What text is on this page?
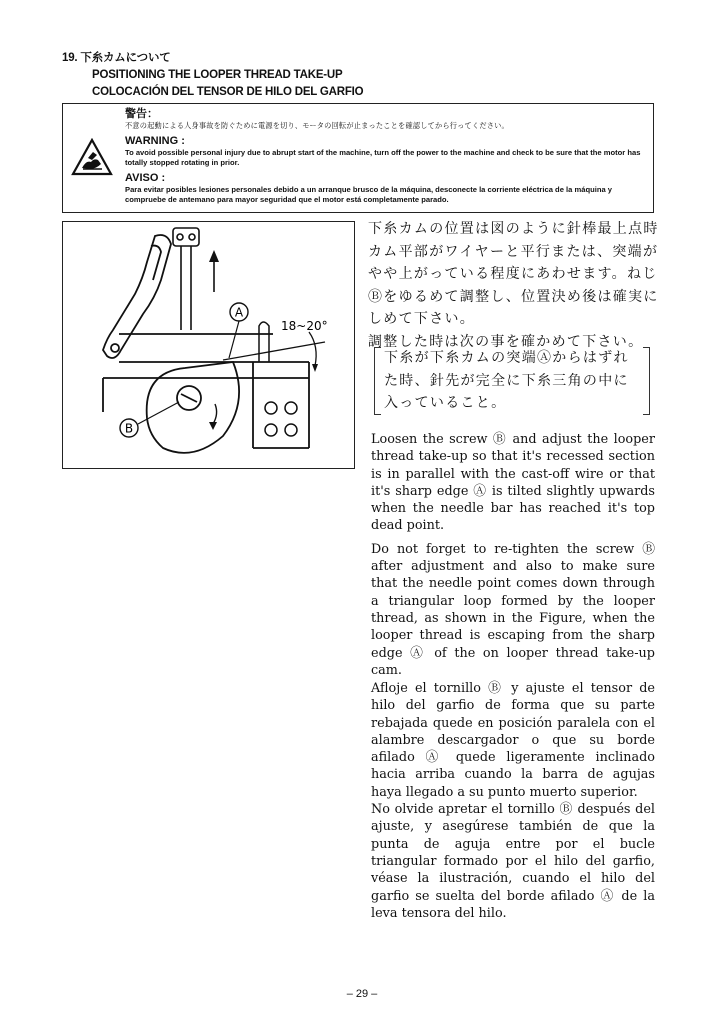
19. 下糸カムについて
POSITIONING THE LOOPER THREAD TAKE-UP
COLOCACIÓN DEL TENSOR DE HILO DEL GARFIO
警告：
不意の起動による人身事故を防ぐために電源を切り、モータの回転が止まったことを確認してから行ってください。
WARNING :
To avoid possible personal injury due to abrupt start of the machine, turn off the power to the machine and check to be sure that the motor has totally stopped rotating in prior.
AVISO :
Para evitar posibles lesiones personales debido a un arranque brusco de la máquina, desconecte la corriente eléctrica de la máquina y compruebe de antemano para mayor seguridad que el motor está completamente parado.
A
B
18~20°

下糸カムの位置は図のように針棒最上点時カム平部がワイヤーと平行または、突端がやや上がっている程度にあわせます。ねじⒷをゆるめて調整し、位置決め後は確実にしめて下さい。

調整した時は次の事を確かめて下さい。

下糸が下糸カムの突端Ⓐからはずれた時、針先が完全に下糸三角の中に入っていること。

Loosen the screw Ⓑ and adjust the looper thread take-up so that it's recessed section is in parallel with the cast-off wire or that it's sharp edge Ⓐ is tilted slightly upwards when the needle bar has reached it's top dead point.

Do not forget to re-tighten the screw Ⓑ after adjustment and also to make sure that the needle point comes down through a triangular loop formed by the looper thread, as shown in the Figure, when the looper thread is escaping from the sharp edge Ⓐ of the on looper thread take-up cam.

Afloje el tornillo Ⓑ y ajuste el tensor de hilo del garfio de forma que su parte rebajada quede en posición paralela con el alambre descargador o que su borde afilado Ⓐ quede ligeramente inclinado hacia arriba cuando la barra de agujas haya llegado a su punto muerto superior.

No olvide apretar el tornillo Ⓑ después del ajuste, y asegúrese también de que la punta de aguja entre por el bucle triangular formado por el hilo del garfio, véase la ilustración, cuando el hilo del garfio se suelta del borde afilado Ⓐ de la leva tensora del hilo.

– 29 –
